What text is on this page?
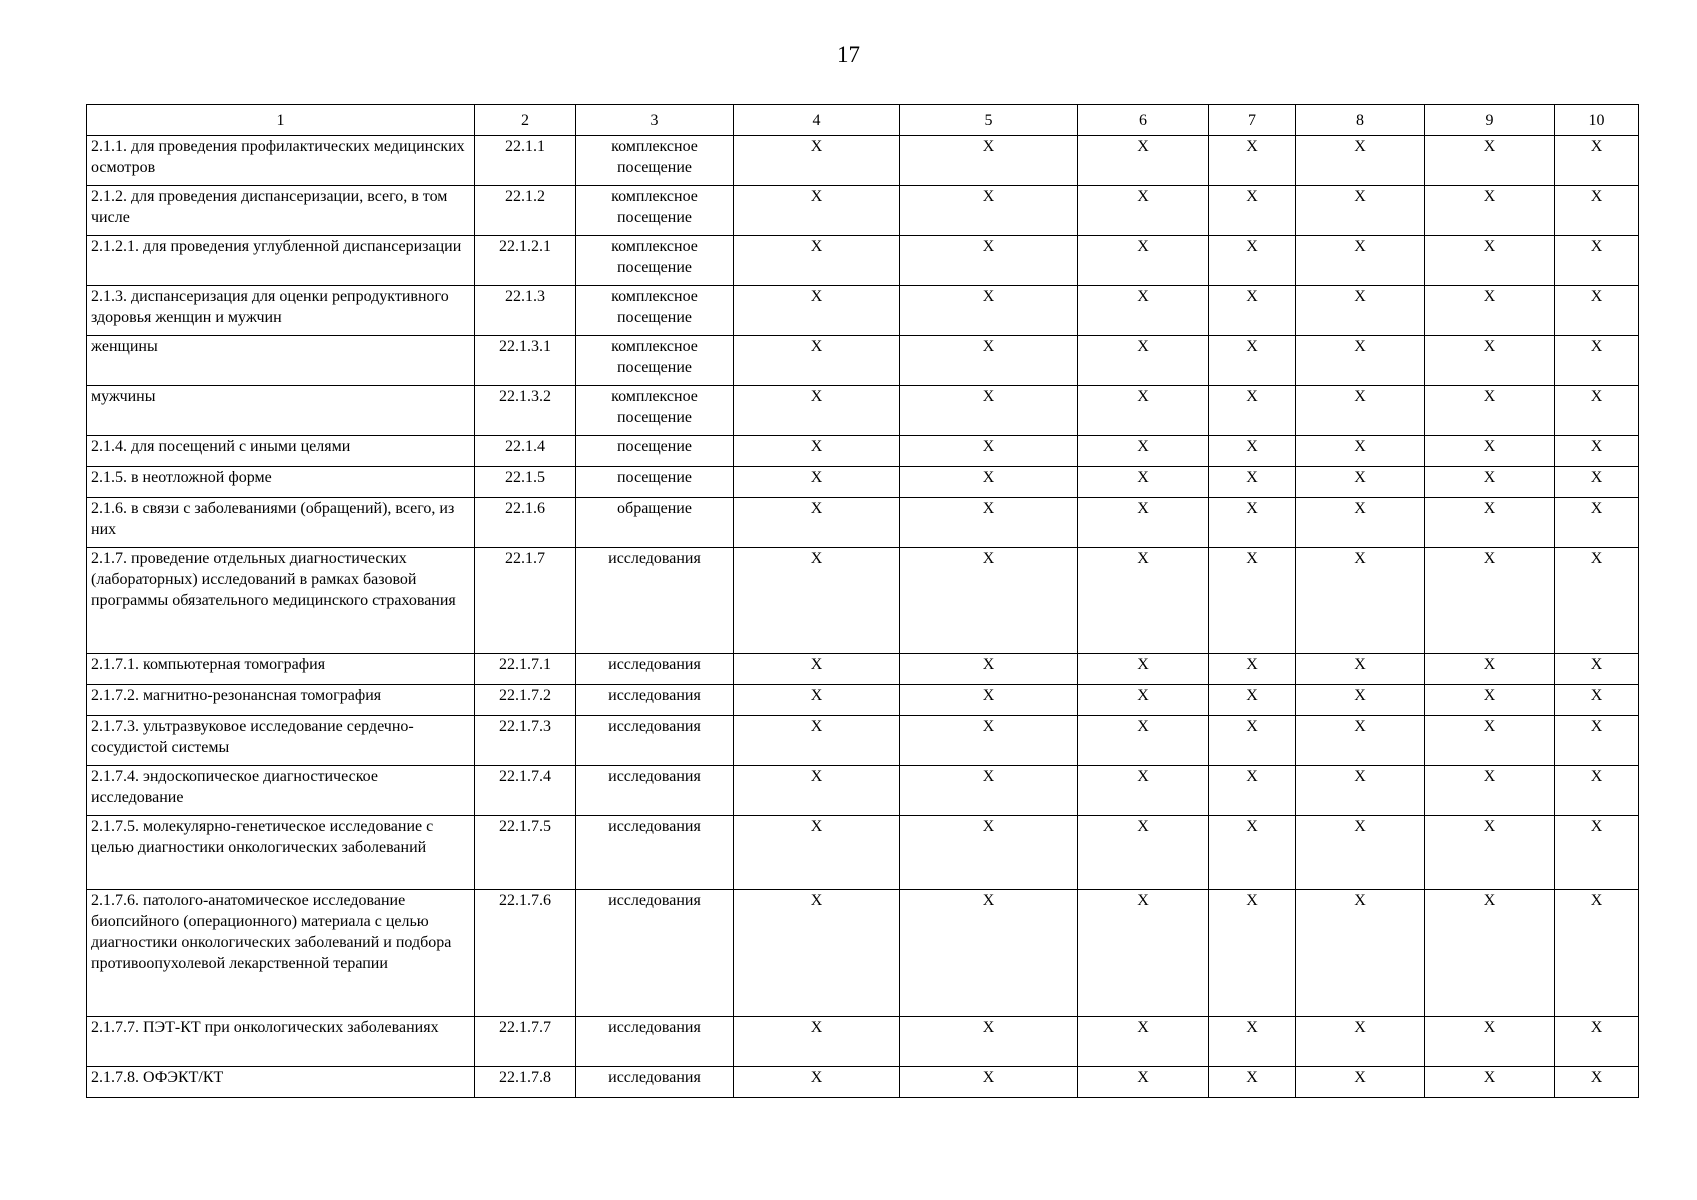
17
1	2	3	4	5	6	7	8	9	10
2.1.1. для проведения профилактических медицинских осмотров	22.1.1	комплексное посещение	X	X	X	X	X	X	X
2.1.2. для проведения диспансеризации, всего, в том числе	22.1.2	комплексное посещение	X	X	X	X	X	X	X
2.1.2.1. для проведения углубленной диспансеризации	22.1.2.1	комплексное посещение	X	X	X	X	X	X	X
2.1.3. диспансеризация для оценки репродуктивного здоровья женщин и мужчин	22.1.3	комплексное посещение	X	X	X	X	X	X	X
женщины	22.1.3.1	комплексное посещение	X	X	X	X	X	X	X
мужчины	22.1.3.2	комплексное посещение	X	X	X	X	X	X	X
2.1.4. для посещений с иными целями	22.1.4	посещение	X	X	X	X	X	X	X
2.1.5. в неотложной форме	22.1.5	посещение	X	X	X	X	X	X	X
2.1.6. в связи с заболеваниями (обращений), всего, из них	22.1.6	обращение	X	X	X	X	X	X	X
2.1.7. проведение отдельных диагностических (лабораторных) исследований в рамках базовой программы обязательного медицинского страхования	22.1.7	исследования	X	X	X	X	X	X	X
2.1.7.1. компьютерная томография	22.1.7.1	исследования	X	X	X	X	X	X	X
2.1.7.2. магнитно-резонансная томография	22.1.7.2	исследования	X	X	X	X	X	X	X
2.1.7.3. ультразвуковое исследование сердечно-сосудистой системы	22.1.7.3	исследования	X	X	X	X	X	X	X
2.1.7.4. эндоскопическое диагностическое исследование	22.1.7.4	исследования	X	X	X	X	X	X	X
2.1.7.5. молекулярно-генетическое исследование с целью диагностики онкологических заболеваний	22.1.7.5	исследования	X	X	X	X	X	X	X
2.1.7.6. патолого-анатомическое исследование биопсийного (операционного) материала с целью диагностики онкологических заболеваний и подбора противоопухолевой лекарственной терапии	22.1.7.6	исследования	X	X	X	X	X	X	X
2.1.7.7. ПЭТ-КТ при онкологических заболеваниях	22.1.7.7	исследования	X	X	X	X	X	X	X
2.1.7.8. ОФЭКТ/КТ	22.1.7.8	исследования	X	X	X	X	X	X	X
